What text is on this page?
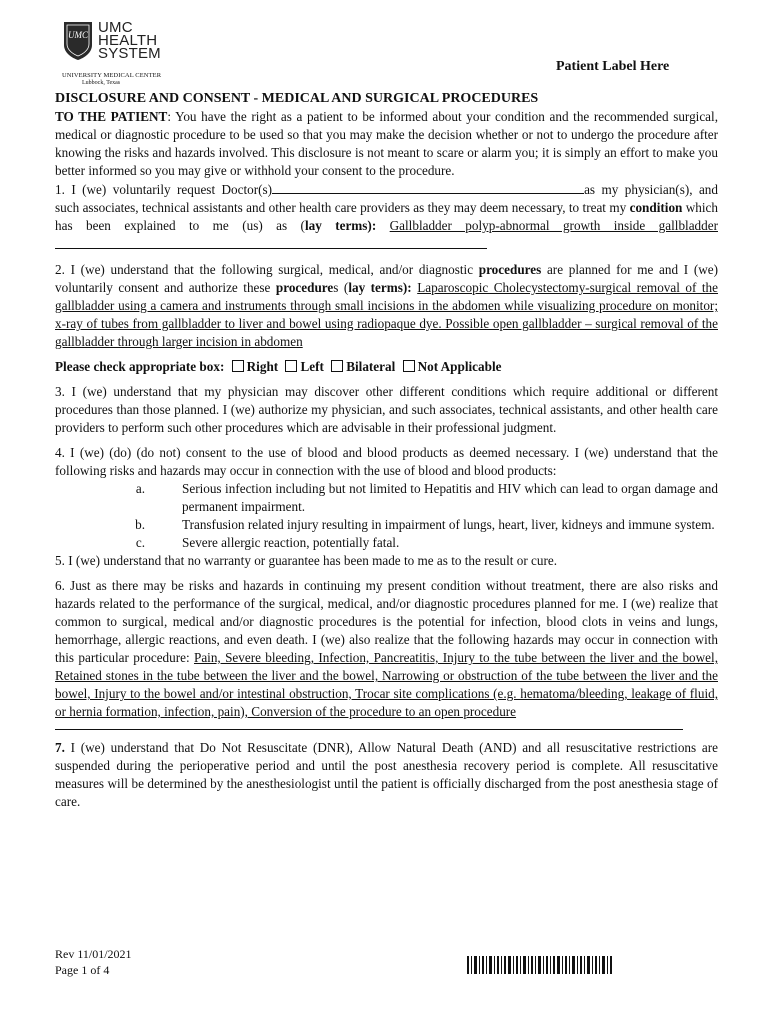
UMC UMC
HEALTH
SYSTEM
UNIVERSITY MEDICAL CENTER
Lubbock, Texas
Patient Label Here
DISCLOSURE AND CONSENT - MEDICAL AND SURGICAL PROCEDURES

TO THE PATIENT: You have the right as a patient to be informed about your condition and the recommended surgical, medical or diagnostic procedure to be used so that you may make the decision whether or not to undergo the procedure after knowing the risks and hazards involved. This disclosure is not meant to scare or alarm you; it is simply an effort to make you better informed so you may give or withhold your consent to the procedure.

1. I (we) voluntarily request Doctor(s)	as my physician(s), and such associates, technical assistants and other health care providers as they may deem necessary, to treat my condition which has been explained to me (us) as (lay terms): Gallbladder polyp-abnormal growth inside gallbladder

2. I (we) understand that the following surgical, medical, and/or diagnostic procedures are planned for me and I (we) voluntarily consent and authorize these procedures (lay terms): Laparoscopic Cholecystectomy-surgical removal of the gallbladder using a camera and instruments through small incisions in the abdomen while visualizing procedure on monitor; x-ray of tubes from gallbladder to liver and bowel using radiopaque dye. Possible open gallbladder – surgical removal of the gallbladder through larger incision in abdomen

Please check appropriate box: Right Left Bilateral Not Applicable

3. I (we) understand that my physician may discover other different conditions which require additional or different procedures than those planned. I (we) authorize my physician, and such associates, technical assistants, and other health care providers to perform such other procedures which are advisable in their professional judgment.

4. I (we) (do) (do not) consent to the use of blood and blood products as deemed necessary. I (we) understand that the following risks and hazards may occur in connection with the use of blood and blood products:

a.	Serious infection including but not limited to Hepatitis and HIV which can lead to organ damage and permanent impairment.
b.	Transfusion related injury resulting in impairment of lungs, heart, liver, kidneys and immune system.
c.	Severe allergic reaction, potentially fatal.

5. I (we) understand that no warranty or guarantee has been made to me as to the result or cure.

6. Just as there may be risks and hazards in continuing my present condition without treatment, there are also risks and hazards related to the performance of the surgical, medical, and/or diagnostic procedures planned for me. I (we) realize that common to surgical, medical and/or diagnostic procedures is the potential for infection, blood clots in veins and lungs, hemorrhage, allergic reactions, and even death. I (we) also realize that the following hazards may occur in connection with this particular procedure: Pain, Severe bleeding, Infection, Pancreatitis, Injury to the tube between the liver and the bowel, Retained stones in the tube between the liver and the bowel, Narrowing or obstruction of the tube between the liver and the bowel, Injury to the bowel and/or intestinal obstruction, Trocar site complications (e.g. hematoma/bleeding, leakage of fluid, or hernia formation, infection, pain), Conversion of the procedure to an open procedure

7. I (we) understand that Do Not Resuscitate (DNR), Allow Natural Death (AND) and all resuscitative restrictions are suspended during the perioperative period and until the post anesthesia recovery period is complete. All resuscitative measures will be determined by the anesthesiologist until the patient is officially discharged from the post anesthesia stage of care.

Rev 11/01/2021
Page 1 of 4
